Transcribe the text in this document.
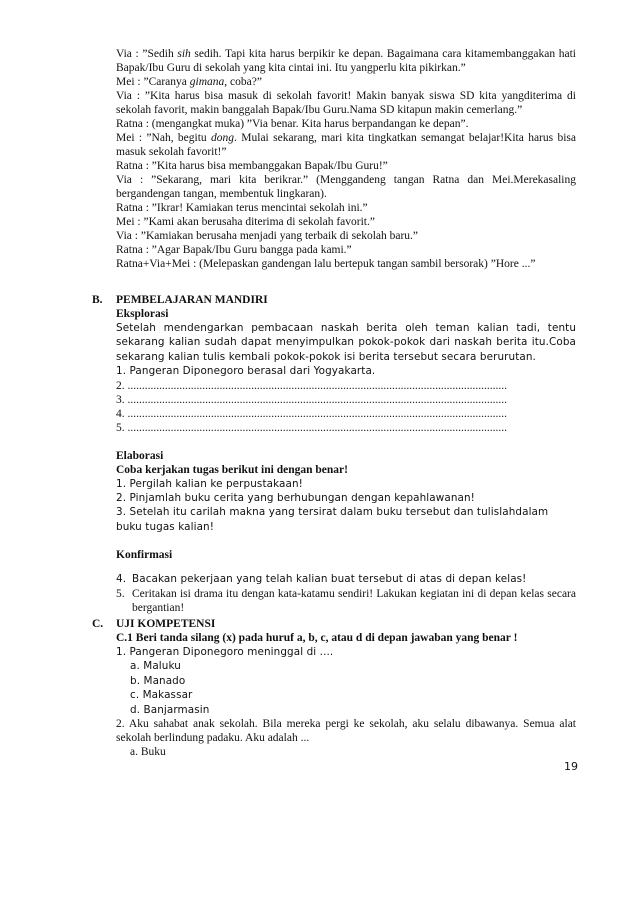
Via : ”Sedih sih sedih. Tapi kita harus berpikir ke depan. Bagaimana cara kitamembanggakan hati Bapak/Ibu Guru di sekolah yang kita cintai ini. Itu yangperlu kita pikirkan.”

Mei : ”Caranya gimana, coba?”

Via : ”Kita harus bisa masuk di sekolah favorit! Makin banyak siswa SD kita yangditerima di sekolah favorit, makin banggalah Bapak/Ibu Guru.Nama SD kitapun makin cemerlang.”

Ratna : (mengangkat muka) ”Via benar. Kita harus berpandangan ke depan”.

Mei : ”Nah, begitu dong. Mulai sekarang, mari kita tingkatkan semangat belajar!Kita harus bisa masuk sekolah favorit!”

Ratna : ”Kita harus bisa membanggakan Bapak/Ibu Guru!”

Via : ”Sekarang, mari kita berikrar.” (Menggandeng tangan Ratna dan Mei.Merekasaling bergandengan tangan, membentuk lingkaran).

Ratna : ”Ikrar! Kamiakan terus mencintai sekolah ini.”

Mei : ”Kami akan berusaha diterima di sekolah favorit.”

Via : ”Kamiakan berusaha menjadi yang terbaik di sekolah baru.”

Ratna : ”Agar Bapak/Ibu Guru bangga pada kami.”

Ratna+Via+Mei : (Melepaskan gandengan lalu bertepuk tangan sambil bersorak) ”Hore ...”

B. PEMBELAJARAN MANDIRI

Eksplorasi

Setelah mendengarkan pembacaan naskah berita oleh teman kalian tadi, tentu sekarang kalian sudah dapat menyimpulkan pokok-pokok dari naskah berita itu.Coba sekarang kalian tulis kembali pokok-pokok isi berita tersebut secara berurutan.

1. Pangeran Diponegoro berasal dari Yogyakarta.

2. ....................................................................................................................................

3. ....................................................................................................................................

4. ....................................................................................................................................

5. ....................................................................................................................................

Elaborasi

Coba kerjakan tugas berikut ini dengan benar!

1. Pergilah kalian ke perpustakaan!

2. Pinjamlah buku cerita yang berhubungan dengan kepahlawanan!

3. Setelah itu carilah makna yang tersirat dalam buku tersebut dan tulislahdalam buku tugas kalian!

Konfirmasi

4. Bacakan pekerjaan yang telah kalian buat tersebut di atas di depan kelas!
5. Ceritakan isi drama itu dengan kata-katamu sendiri! Lakukan kegiatan ini di depan kelas secara bergantian!
C. UJI KOMPETENSI

C.1 Beri tanda silang (x) pada huruf a, b, c, atau d di depan jawaban yang benar !

1. Pangeran Diponegoro meninggal di ....

a. Maluku

b. Manado

c. Makassar

d. Banjarmasin

2. Aku sahabat anak sekolah. Bila mereka pergi ke sekolah, aku selalu dibawanya. Semua alat sekolah berlindung padaku. Aku adalah ...

a. Buku

19
